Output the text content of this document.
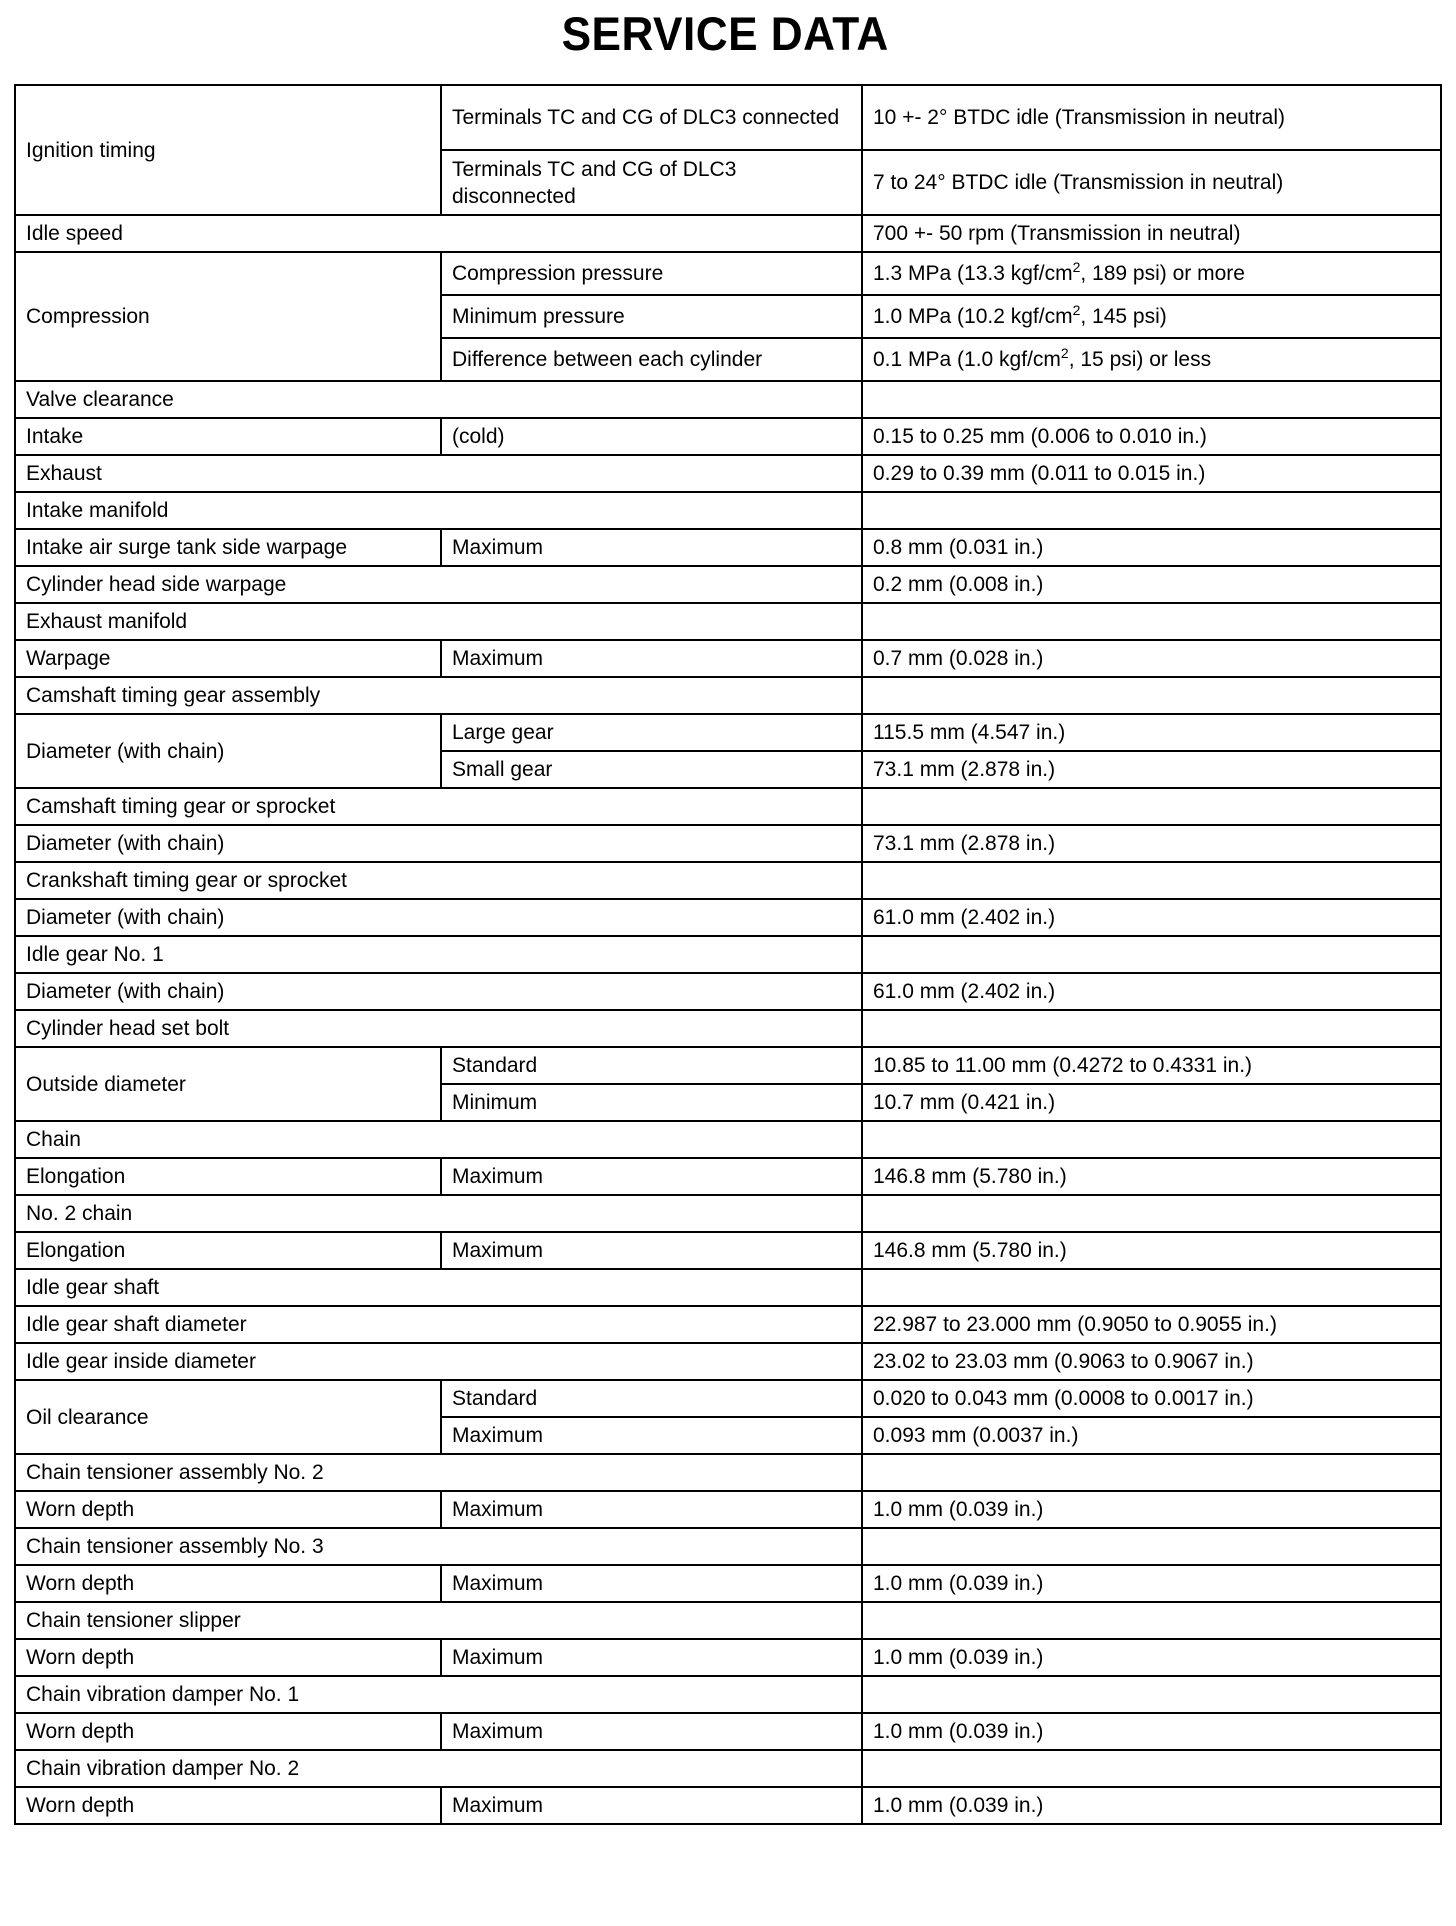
SERVICE DATA
Ignition timing	Terminals TC and CG of DLC3 connected	10 +- 2° BTDC idle (Transmission in neutral)
	Terminals TC and CG of DLC3 disconnected	7 to 24° BTDC idle (Transmission in neutral)
Idle speed		700 +- 50 rpm (Transmission in neutral)
Compression	Compression pressure	1.3 MPa (13.3 kgf/$cm^2$, 189 psi) or more
	Minimum pressure	1.0 MPa (10.2 kgf/$cm^2$, 145 psi)
	Difference between each cylinder	0.1 MPa (1.0 kgf/$cm^2$, 15 psi) or less
Valve clearance		
Intake	(cold)	0.15 to 0.25 mm (0.006 to 0.010 in.)
Exhaust		0.29 to 0.39 mm (0.011 to 0.015 in.)
Intake manifold		
Intake air surge tank side warpage	Maximum	0.8 mm (0.031 in.)
Cylinder head side warpage		0.2 mm (0.008 in.)
Exhaust manifold		
Warpage	Maximum	0.7 mm (0.028 in.)
Camshaft timing gear assembly		
Diameter (with chain)	Large gear	115.5 mm (4.547 in.)
	Small gear	73.1 mm (2.878 in.)
Camshaft timing gear or sprocket		
Diameter (with chain)		73.1 mm (2.878 in.)
Crankshaft timing gear or sprocket		
Diameter (with chain)		61.0 mm (2.402 in.)
Idle gear No. 1		
Diameter (with chain)		61.0 mm (2.402 in.)
Cylinder head set bolt		
Outside diameter	Standard	10.85 to 11.00 mm (0.4272 to 0.4331 in.)
	Minimum	10.7 mm (0.421 in.)
Chain		
Elongation	Maximum	146.8 mm (5.780 in.)
No. 2 chain		
Elongation	Maximum	146.8 mm (5.780 in.)
Idle gear shaft		
Idle gear shaft diameter		22.987 to 23.000 mm (0.9050 to 0.9055 in.)
Idle gear inside diameter		23.02 to 23.03 mm (0.9063 to 0.9067 in.)
Oil clearance	Standard	0.020 to 0.043 mm (0.0008 to 0.0017 in.)
	Maximum	0.093 mm (0.0037 in.)
Chain tensioner assembly No. 2		
Worn depth	Maximum	1.0 mm (0.039 in.)
Chain tensioner assembly No. 3		
Worn depth	Maximum	1.0 mm (0.039 in.)
Chain tensioner slipper		
Worn depth	Maximum	1.0 mm (0.039 in.)
Chain vibration damper No. 1		
Worn depth	Maximum	1.0 mm (0.039 in.)
Chain vibration damper No. 2		
Worn depth	Maximum	1.0 mm (0.039 in.)
